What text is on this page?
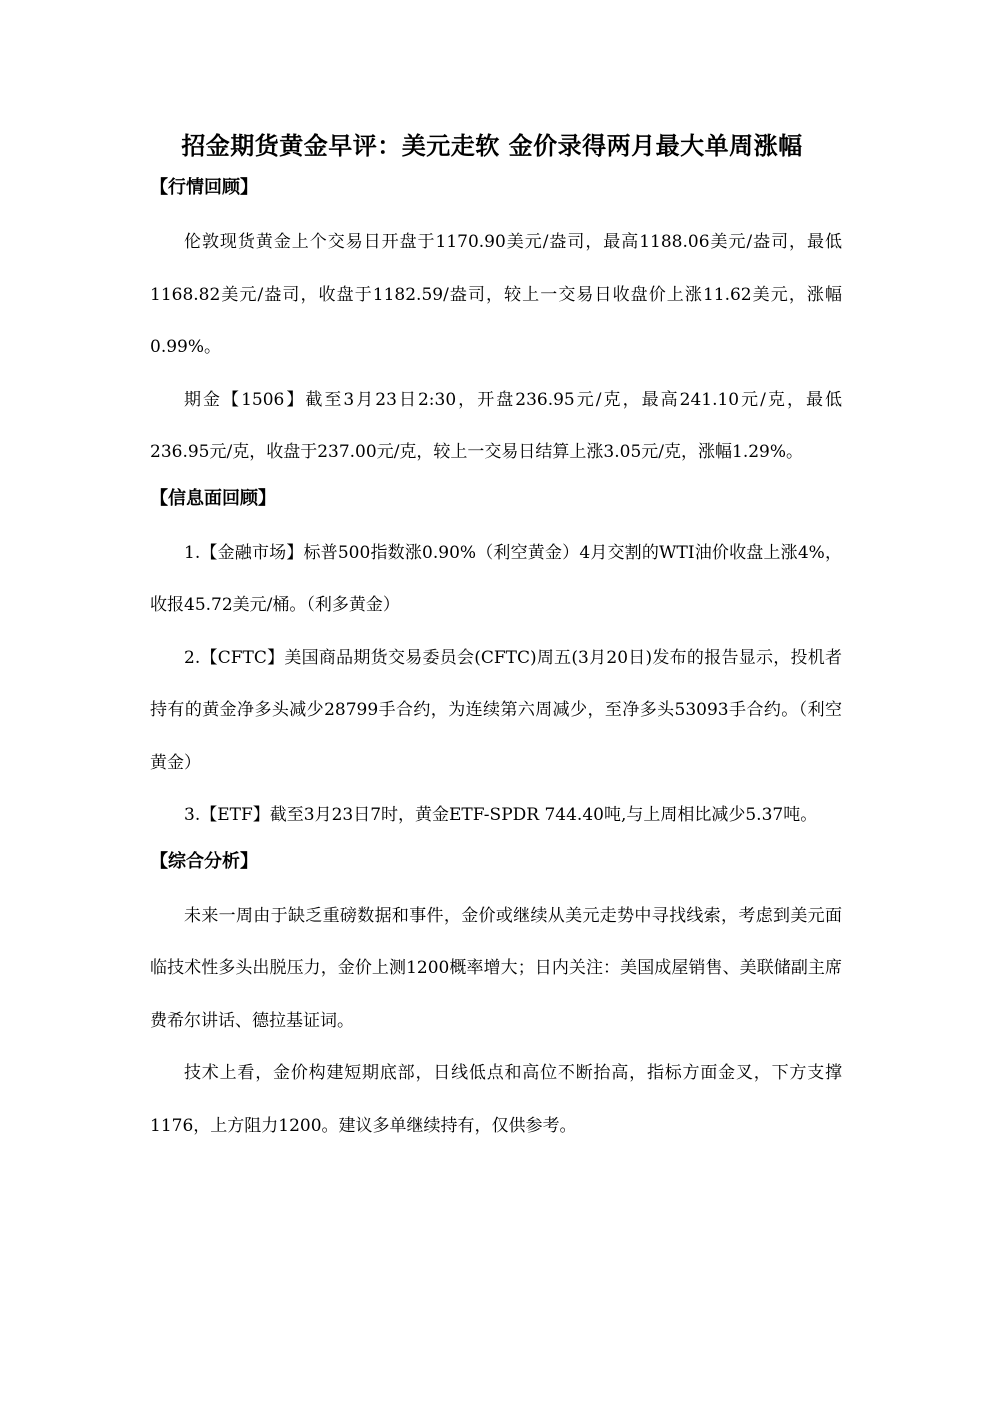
招金期货黄金早评：美元走软 金价录得两月最大单周涨幅
【行情回顾】

伦敦现货黄金上个交易日开盘于1170.90美元/盎司，最高1188.06美元/盎司，最低1168.82美元/盎司，收盘于1182.59/盎司，较上一交易日收盘价上涨11.62美元，涨幅0.99%。

期金【1506】截至3月23日2:30，开盘236.95元/克，最高241.10元/克，最低236.95元/克，收盘于237.00元/克，较上一交易日结算上涨3.05元/克，涨幅1.29%。

【信息面回顾】

1.【金融市场】标普500指数涨0.90%（利空黄金）4月交割的WTI油价收盘上涨4%，收报45.72美元/桶。（利多黄金）

2.【CFTC】美国商品期货交易委员会(CFTC)周五(3月20日)发布的报告显示，投机者持有的黄金净多头减少28799手合约，为连续第六周减少，至净多头53093手合约。（利空黄金）

3.【ETF】截至3月23日7时，黄金ETF-SPDR 744.40吨,与上周相比减少5.37吨。

【综合分析】

未来一周由于缺乏重磅数据和事件，金价或继续从美元走势中寻找线索，考虑到美元面临技术性多头出脱压力，金价上测1200概率增大；日内关注：美国成屋销售、美联储副主席费希尔讲话、德拉基证词。

技术上看，金价构建短期底部，日线低点和高位不断抬高，指标方面金叉，下方支撑1176，上方阻力1200。建议多单继续持有，仅供参考。
